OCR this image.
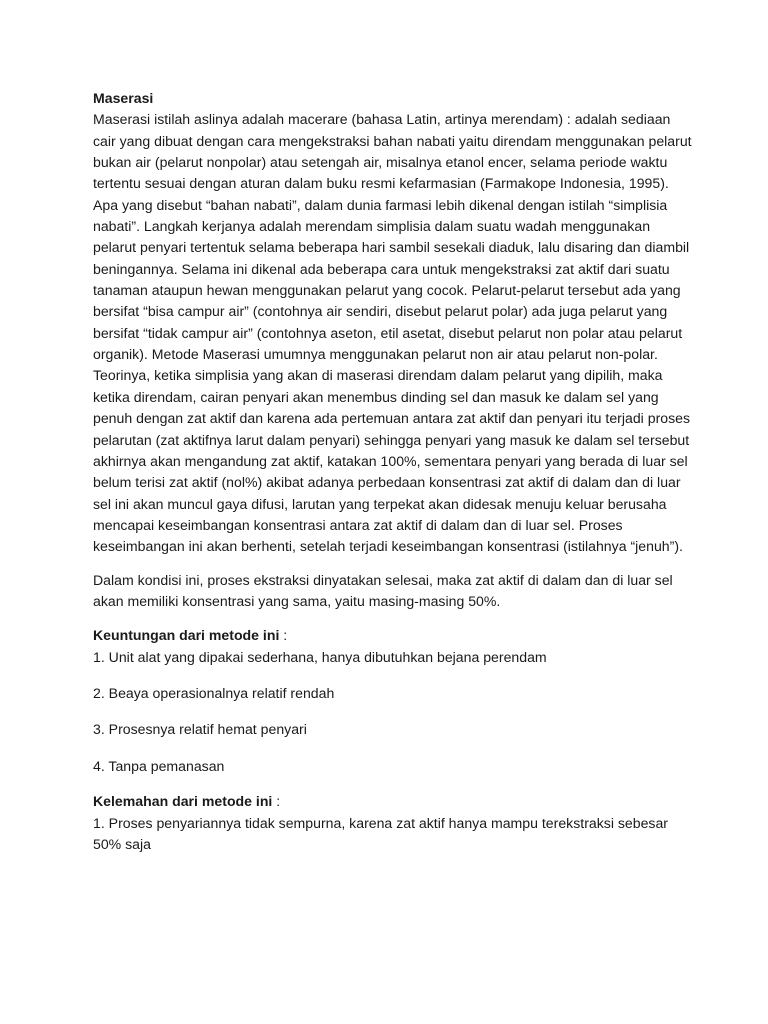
Maserasi

Maserasi istilah aslinya adalah macerare (bahasa Latin, artinya merendam) : adalah sediaan cair yang dibuat dengan cara mengekstraksi bahan nabati yaitu direndam menggunakan pelarut bukan air (pelarut nonpolar) atau setengah air, misalnya etanol encer, selama periode waktu tertentu sesuai dengan aturan dalam buku resmi kefarmasian (Farmakope Indonesia, 1995). Apa yang disebut “bahan nabati”, dalam dunia farmasi lebih dikenal dengan istilah “simplisia nabati”. Langkah kerjanya adalah merendam simplisia dalam suatu wadah menggunakan pelarut penyari tertentuk selama beberapa hari sambil sesekali diaduk, lalu disaring dan diambil beningannya. Selama ini dikenal ada beberapa cara untuk mengekstraksi zat aktif dari suatu tanaman ataupun hewan menggunakan pelarut yang cocok. Pelarut-pelarut tersebut ada yang bersifat “bisa campur air” (contohnya air sendiri, disebut pelarut polar) ada juga pelarut yang bersifat “tidak campur air” (contohnya aseton, etil asetat, disebut pelarut non polar atau pelarut organik). Metode Maserasi umumnya menggunakan pelarut non air atau pelarut non-polar. Teorinya, ketika simplisia yang akan di maserasi direndam dalam pelarut yang dipilih, maka ketika direndam, cairan penyari akan menembus dinding sel dan masuk ke dalam sel yang penuh dengan zat aktif dan karena ada pertemuan antara zat aktif dan penyari itu terjadi proses pelarutan (zat aktifnya larut dalam penyari) sehingga penyari yang masuk ke dalam sel tersebut akhirnya akan mengandung zat aktif, katakan 100%, sementara penyari yang berada di luar sel belum terisi zat aktif (nol%) akibat adanya perbedaan konsentrasi zat aktif di dalam dan di luar sel ini akan muncul gaya difusi, larutan yang terpekat akan didesak menuju keluar berusaha mencapai keseimbangan konsentrasi antara zat aktif di dalam dan di luar sel. Proses keseimbangan ini akan berhenti, setelah terjadi keseimbangan konsentrasi (istilahnya “jenuh”).

Dalam kondisi ini, proses ekstraksi dinyatakan selesai, maka zat aktif di dalam dan di luar sel akan memiliki konsentrasi yang sama, yaitu masing-masing 50%.

Keuntungan dari metode ini :
1. Unit alat yang dipakai sederhana, hanya dibutuhkan bejana perendam
2. Beaya operasionalnya relatif rendah
3. Prosesnya relatif hemat penyari
4. Tanpa pemanasan
Kelemahan dari metode ini :
1. Proses penyariannya tidak sempurna, karena zat aktif hanya mampu terekstraksi sebesar 50% saja
